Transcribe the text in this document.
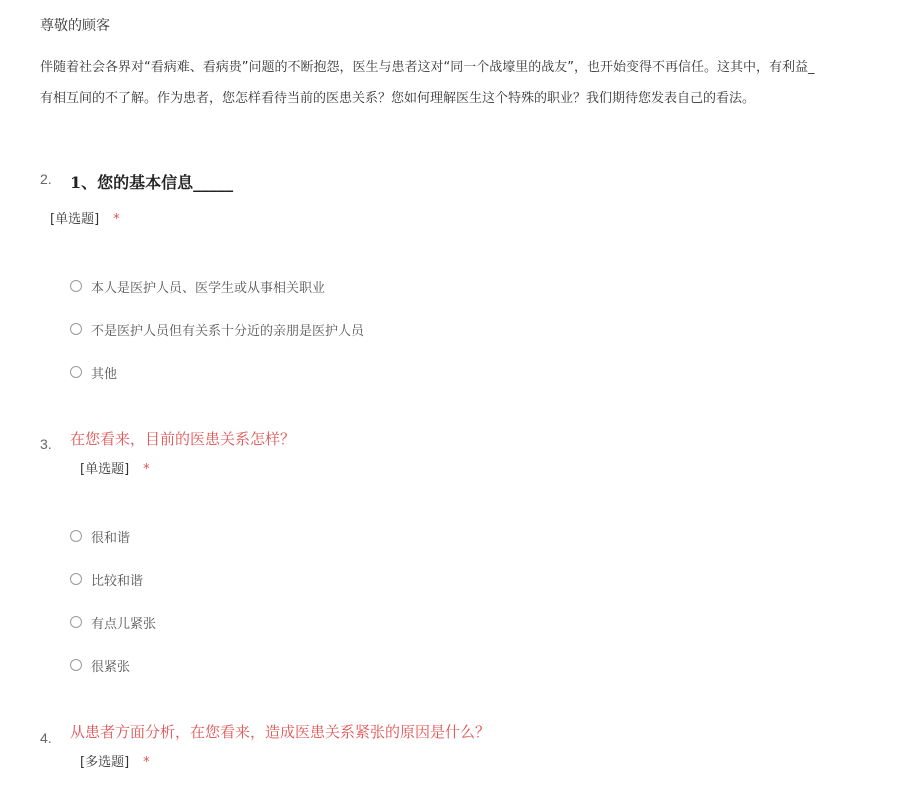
尊敬的顾客
伴随着社会各界对“看病难、看病贵”问题的不断抱怨，医生与患者这对“同一个战壕里的战友”，也开始变得不再信任。这其中，有利益_
有相互间的不了解。作为患者，您怎样看待当前的医患关系？您如何理解医生这个特殊的职业？我们期待您发表自己的看法。
2. 1、您的基本信息_____
[单选题] *
本人是医护人员、医学生或从事相关职业
不是医护人员但有关系十分近的亲朋是医护人员
其他
3. 在您看来，目前的医患关系怎样？
[单选题] *
很和谐
比较和谐
有点儿紧张
很紧张
4. 从患者方面分析，在您看来，造成医患关系紧张的原因是什么？
[多选题] *
